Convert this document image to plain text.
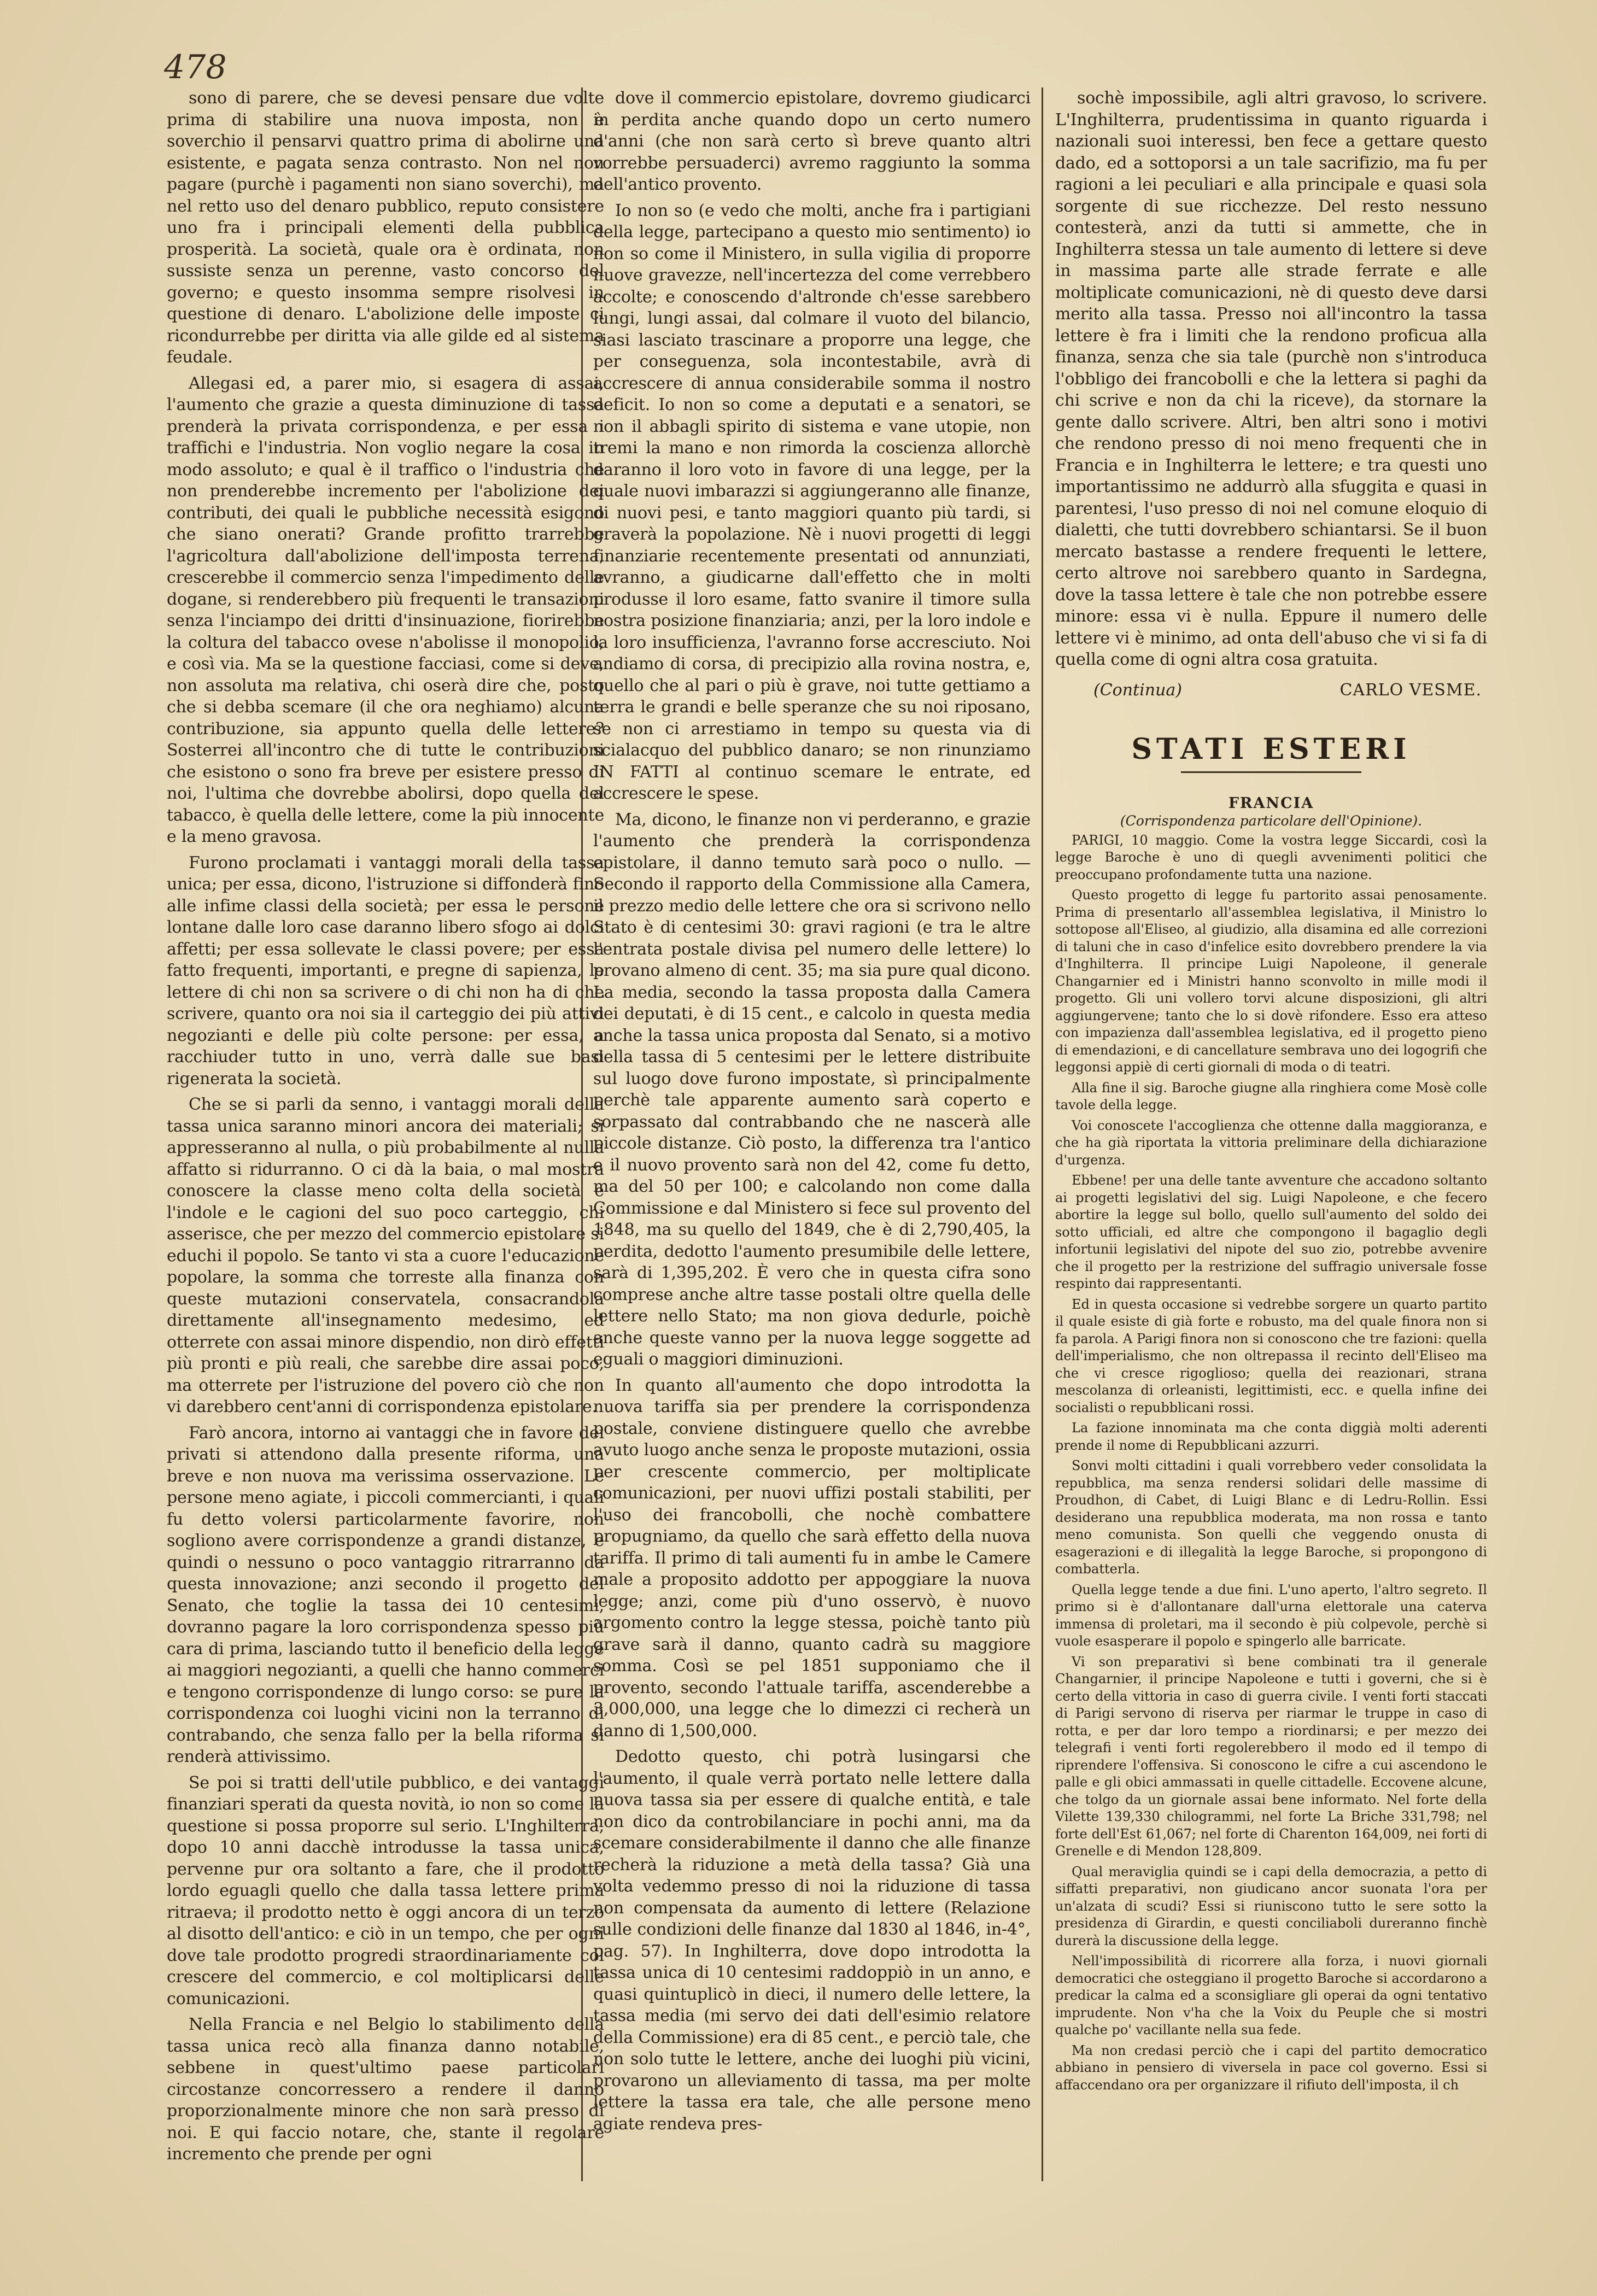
478

sono di parere, che se devesi pensare due volte prima di stabilire una nuova imposta, non è soverchio il pensarvi quattro prima di abolirne una esistente, e pagata senza contrasto. Non nel non pagare (purchè i pagamenti non siano soverchi), ma nel retto uso del denaro pubblico, reputo consistere uno fra i principali elementi della pubblica prosperità. La società, quale ora è ordinata, non sussiste senza un perenne, vasto concorso del governo; e questo insomma sempre risolvesi in questione di denaro. L'abolizione delle imposte ci ricondurrebbe per diritta via alle gilde ed al sistema feudale.

Allegasi ed, a parer mio, si esagera di assai, l'aumento che grazie a questa diminuzione di tassa prenderà la privata corrispondenza, e per essa i traffichi e l'industria. Non voglio negare la cosa in modo assoluto; e qual è il traffico o l'industria che non prenderebbe incremento per l'abolizione dei contributi, dei quali le pubbliche necessità esigono che siano onerati? Grande profitto trarrebbe l'agricoltura dall'abolizione dell'imposta terrena, crescerebbe il commercio senza l'impedimento delle dogane, si renderebbero più frequenti le transazioni senza l'inciampo dei dritti d'insinuazione, fiorirebbe la coltura del tabacco ovese n'abolisse il monopolio, e così via. Ma se la questione facciasi, come si deve, non assoluta ma relativa, chi oserà dire che, posto che si debba scemare (il che ora neghiamo) alcuna contribuzione, sia appunto quella delle lettere? Sosterrei all'incontro che di tutte le contribuzioni che esistono o sono fra breve per esistere presso di noi, l'ultima che dovrebbe abolirsi, dopo quella del tabacco, è quella delle lettere, come la più innocente e la meno gravosa.

Furono proclamati i vantaggi morali della tassa unica; per essa, dicono, l'istruzione si diffonderà fino alle infime classi della società; per essa le persone lontane dalle loro case daranno libero sfogo ai dolci affetti; per essa sollevate le classi povere; per essa fatto frequenti, importanti, e pregne di sapienza, le lettere di chi non sa scrivere o di chi non ha di che scrivere, quanto ora noi sia il carteggio dei più attivi negozianti e delle più colte persone: per essa, a racchiuder tutto in uno, verrà dalle sue basi rigenerata la società.

Che se si parli da senno, i vantaggi morali della tassa unica saranno minori ancora dei materiali; si appresseranno al nulla, o più probabilmente al nulla affatto si ridurranno. O ci dà la baia, o mal mostra conoscere la classe meno colta della società e l'indole e le cagioni del suo poco carteggio, chi asserisce, che per mezzo del commercio epistolare si educhi il popolo. Se tanto vi sta a cuore l'educazione popolare, la somma che torreste alla finanza con queste mutazioni conservatela, consacrandola direttamente all'insegnamento medesimo, ed otterrete con assai minore dispendio, non dirò effetti più pronti e più reali, che sarebbe dire assai poco, ma otterrete per l'istruzione del povero ciò che non vi darebbero cent'anni di corrispondenza epistolare.

Farò ancora, intorno ai vantaggi che in favore dei privati si attendono dalla presente riforma, una breve e non nuova ma verissima osservazione. Le persone meno agiate, i piccoli commercianti, i quali fu detto volersi particolarmente favorire, non sogliono avere corrispondenze a grandi distanze, e quindi o nessuno o poco vantaggio ritrarranno da questa innovazione; anzi secondo il progetto del Senato, che toglie la tassa dei 10 centesimi, dovranno pagare la loro corrispondenza spesso più cara di prima, lasciando tutto il beneficio della legge ai maggiori negozianti, a quelli che hanno commerci e tengono corrispondenze di lungo corso: se pure la corrispondenza coi luoghi vicini non la terranno di contrabando, che senza fallo per la bella riforma si renderà attivissimo.

Se poi si tratti dell'utile pubblico, e dei vantaggi finanziari sperati da questa novità, io non so come la questione si possa proporre sul serio. L'Inghilterra, dopo 10 anni dacchè introdusse la tassa unica, pervenne pur ora soltanto a fare, che il prodotto lordo eguagli quello che dalla tassa lettere prima ritraeva; il prodotto netto è oggi ancora di un terzo al disotto dell'antico: e ciò in un tempo, che per ogni dove tale prodotto progredi straordinariamente col crescere del commercio, e col moltiplicarsi delle comunicazioni.

Nella Francia e nel Belgio lo stabilimento della tassa unica recò alla finanza danno notabile, sebbene in quest'ultimo paese particolari circostanze concorressero a rendere il danno proporzionalmente minore che non sarà presso di noi. E qui faccio notare, che, stante il regolare incremento che prende per ogni

dove il commercio epistolare, dovremo giudicarci in perdita anche quando dopo un certo numero d'anni (che non sarà certo sì breve quanto altri vorrebbe persuaderci) avremo raggiunto la somma dell'antico provento.

Io non so (e vedo che molti, anche fra i partigiani della legge, partecipano a questo mio sentimento) io non so come il Ministero, in sulla vigilia di proporre nuove gravezze, nell'incertezza del come verrebbero accolte; e conoscendo d'altronde ch'esse sarebbero lungi, lungi assai, dal colmare il vuoto del bilancio, siasi lasciato trascinare a proporre una legge, che per conseguenza, sola incontestabile, avrà di accrescere di annua considerabile somma il nostro deficit. Io non so come a deputati e a senatori, se non il abbagli spirito di sistema e vane utopie, non tremi la mano e non rimorda la coscienza allorchè daranno il loro voto in favore di una legge, per la quale nuovi imbarazzi si aggiungeranno alle finanze, di nuovi pesi, e tanto maggiori quanto più tardi, si graverà la popolazione. Nè i nuovi progetti di leggi finanziarie recentemente presentati od annunziati, avranno, a giudicarne dall'effetto che in molti produsse il loro esame, fatto svanire il timore sulla nostra posizione finanziaria; anzi, per la loro indole e la loro insufficienza, l'avranno forse accresciuto. Noi andiamo di corsa, di precipizio alla rovina nostra, e, quello che al pari o più è grave, noi tutte gettiamo a terra le grandi e belle speranze che su noi riposano, se non ci arrestiamo in tempo su questa via di scialacquo del pubblico danaro; se non rinunziamo IN FATTI al continuo scemare le entrate, ed accrescere le spese.

Ma, dicono, le finanze non vi perderanno, e grazie l'aumento che prenderà la corrispondenza epistolare, il danno temuto sarà poco o nullo. — Secondo il rapporto della Commissione alla Camera, il prezzo medio delle lettere che ora si scrivono nello Stato è di centesimi 30: gravi ragioni (e tra le altre l'entrata postale divisa pel numero delle lettere) lo provano almeno di cent. 35; ma sia pure qual dicono. La media, secondo la tassa proposta dalla Camera dei deputati, è di 15 cent., e calcolo in questa media anche la tassa unica proposta dal Senato, si a motivo della tassa di 5 centesimi per le lettere distribuite sul luogo dove furono impostate, sì principalmente perchè tale apparente aumento sarà coperto e sorpassato dal contrabbando che ne nascerà alle piccole distanze. Ciò posto, la differenza tra l'antico e il nuovo provento sarà non del 42, come fu detto, ma del 50 per 100; e calcolando non come dalla Commissione e dal Ministero si fece sul provento del 1848, ma su quello del 1849, che è di 2,790,405, la perdita, dedotto l'aumento presumibile delle lettere, sarà di 1,395,202. È vero che in questa cifra sono comprese anche altre tasse postali oltre quella delle lettere nello Stato; ma non giova dedurle, poichè anche queste vanno per la nuova legge soggette ad eguali o maggiori diminuzioni.

In quanto all'aumento che dopo introdotta la nuova tariffa sia per prendere la corrispondenza postale, conviene distinguere quello che avrebbe avuto luogo anche senza le proposte mutazioni, ossia per crescente commercio, per moltiplicate comunicazioni, per nuovi uffizi postali stabiliti, per l'uso dei francobolli, che nochè combattere propugniamo, da quello che sarà effetto della nuova tariffa. Il primo di tali aumenti fu in ambe le Camere male a proposito addotto per appoggiare la nuova legge; anzi, come più d'uno osservò, è nuovo argomento contro la legge stessa, poichè tanto più grave sarà il danno, quanto cadrà su maggiore somma. Così se pel 1851 supponiamo che il provento, secondo l'attuale tariffa, ascenderebbe a 3,000,000, una legge che lo dimezzi ci recherà un danno di 1,500,000.

Dedotto questo, chi potrà lusingarsi che l'aumento, il quale verrà portato nelle lettere dalla nuova tassa sia per essere di qualche entità, e tale non dico da controbilanciare in pochi anni, ma da scemare considerabilmente il danno che alle finanze recherà la riduzione a metà della tassa? Già una volta vedemmo presso di noi la riduzione di tassa non compensata da aumento di lettere (Relazione sulle condizioni delle finanze dal 1830 al 1846, in-4°, pag. 57). In Inghilterra, dove dopo introdotta la tassa unica di 10 centesimi raddoppiò in un anno, e quasi quintuplicò in dieci, il numero delle lettere, la tassa media (mi servo dei dati dell'esimio relatore della Commissione) era di 85 cent., e perciò tale, che non solo tutte le lettere, anche dei luoghi più vicini, provarono un alleviamento di tassa, ma per molte lettere la tassa era tale, che alle persone meno agiate rendeva pres-

sochè impossibile, agli altri gravoso, lo scrivere. L'Inghilterra, prudentissima in quanto riguarda i nazionali suoi interessi, ben fece a gettare questo dado, ed a sottoporsi a un tale sacrifizio, ma fu per ragioni a lei peculiari e alla principale e quasi sola sorgente di sue ricchezze. Del resto nessuno contesterà, anzi da tutti si ammette, che in Inghilterra stessa un tale aumento di lettere si deve in massima parte alle strade ferrate e alle moltiplicate comunicazioni, nè di questo deve darsi merito alla tassa. Presso noi all'incontro la tassa lettere è fra i limiti che la rendono proficua alla finanza, senza che sia tale (purchè non s'introduca l'obbligo dei francobolli e che la lettera si paghi da chi scrive e non da chi la riceve), da stornare la gente dallo scrivere. Altri, ben altri sono i motivi che rendono presso di noi meno frequenti che in Francia e in Inghilterra le lettere; e tra questi uno importantissimo ne addurrò alla sfuggita e quasi in parentesi, l'uso presso di noi nel comune eloquio di dialetti, che tutti dovrebbero schiantarsi. Se il buon mercato bastasse a rendere frequenti le lettere, certo altrove noi sarebbero quanto in Sardegna, dove la tassa lettere è tale che non potrebbe essere minore: essa vi è nulla. Eppure il numero delle lettere vi è minimo, ad onta dell'abuso che vi si fa di quella come di ogni altra cosa gratuita.

(Continua)	CARLO VESME.
STATI ESTERI
FRANCIA
(Corrispondenza particolare dell'Opinione).

PARIGI, 10 maggio. Come la vostra legge Siccardi, così la legge Baroche è uno di quegli avvenimenti politici che preoccupano profondamente tutta una nazione.

Questo progetto di legge fu partorito assai penosamente. Prima di presentarlo all'assemblea legislativa, il Ministro lo sottopose all'Eliseo, al giudizio, alla disamina ed alle correzioni di taluni che in caso d'infelice esito dovrebbero prendere la via d'Inghilterra. Il principe Luigi Napoleone, il generale Changarnier ed i Ministri hanno sconvolto in mille modi il progetto. Gli uni vollero torvi alcune disposizioni, gli altri aggiungervene; tanto che lo si dovè rifondere. Esso era atteso con impazienza dall'assemblea legislativa, ed il progetto pieno di emendazioni, e di cancellature sembrava uno dei logogrifi che leggonsi appiè di certi giornali di moda o di teatri.

Alla fine il sig. Baroche giugne alla ringhiera come Mosè colle tavole della legge.

Voi conoscete l'accoglienza che ottenne dalla maggioranza, e che ha già riportata la vittoria preliminare della dichiarazione d'urgenza.

Ebbene! per una delle tante avventure che accadono soltanto ai progetti legislativi del sig. Luigi Napoleone, e che fecero abortire la legge sul bollo, quello sull'aumento del soldo dei sotto ufficiali, ed altre che compongono il bagaglio degli infortunii legislativi del nipote del suo zio, potrebbe avvenire che il progetto per la restrizione del suffragio universale fosse respinto dai rappresentanti.

Ed in questa occasione si vedrebbe sorgere un quarto partito il quale esiste di già forte e robusto, ma del quale finora non si fa parola. A Parigi finora non si conoscono che tre fazioni: quella dell'imperialismo, che non oltrepassa il recinto dell'Eliseo ma che vi cresce rigoglioso; quella dei reazionari, strana mescolanza di orleanisti, legittimisti, ecc. e quella infine dei socialisti o repubblicani rossi.

La fazione innominata ma che conta diggià molti aderenti prende il nome di Repubblicani azzurri.

Sonvi molti cittadini i quali vorrebbero veder consolidata la repubblica, ma senza rendersi solidari delle massime di Proudhon, di Cabet, di Luigi Blanc e di Ledru-Rollin. Essi desiderano una repubblica moderata, ma non rossa e tanto meno comunista. Son quelli che veggendo onusta di esagerazioni e di illegalità la legge Baroche, si propongono di combatterla.

Quella legge tende a due fini. L'uno aperto, l'altro segreto. Il primo si è d'allontanare dall'urna elettorale una caterva immensa di proletari, ma il secondo è più colpevole, perchè si vuole esasperare il popolo e spingerlo alle barricate.

Vi son preparativi sì bene combinati tra il generale Changarnier, il principe Napoleone e tutti i governi, che si è certo della vittoria in caso di guerra civile. I venti forti staccati di Parigi servono di riserva per riarmar le truppe in caso di rotta, e per dar loro tempo a riordinarsi; e per mezzo dei telegrafi i venti forti regolerebbero il modo ed il tempo di riprendere l'offensiva. Si conoscono le cifre a cui ascendono le palle e gli obici ammassati in quelle cittadelle. Eccovene alcune, che tolgo da un giornale assai bene informato. Nel forte della Vilette 139,330 chilogrammi, nel forte La Briche 331,798; nel forte dell'Est 61,067; nel forte di Charenton 164,009, nei forti di Grenelle e di Mendon 128,809.

Qual meraviglia quindi se i capi della democrazia, a petto di siffatti preparativi, non giudicano ancor suonata l'ora per un'alzata di scudi? Essi si riuniscono tutto le sere sotto la presidenza di Girardin, e questi conciliaboli dureranno finchè durerà la discussione della legge.

Nell'impossibilità di ricorrere alla forza, i nuovi giornali democratici che osteggiano il progetto Baroche si accordarono a predicar la calma ed a sconsigliare gli operai da ogni tentativo imprudente. Non v'ha che la Voix du Peuple che si mostri qualche po' vacillante nella sua fede.

Ma non credasi perciò che i capi del partito democratico abbiano in pensiero di viversela in pace col governo. Essi si affaccendano ora per organizzare il rifiuto dell'imposta, il ch
